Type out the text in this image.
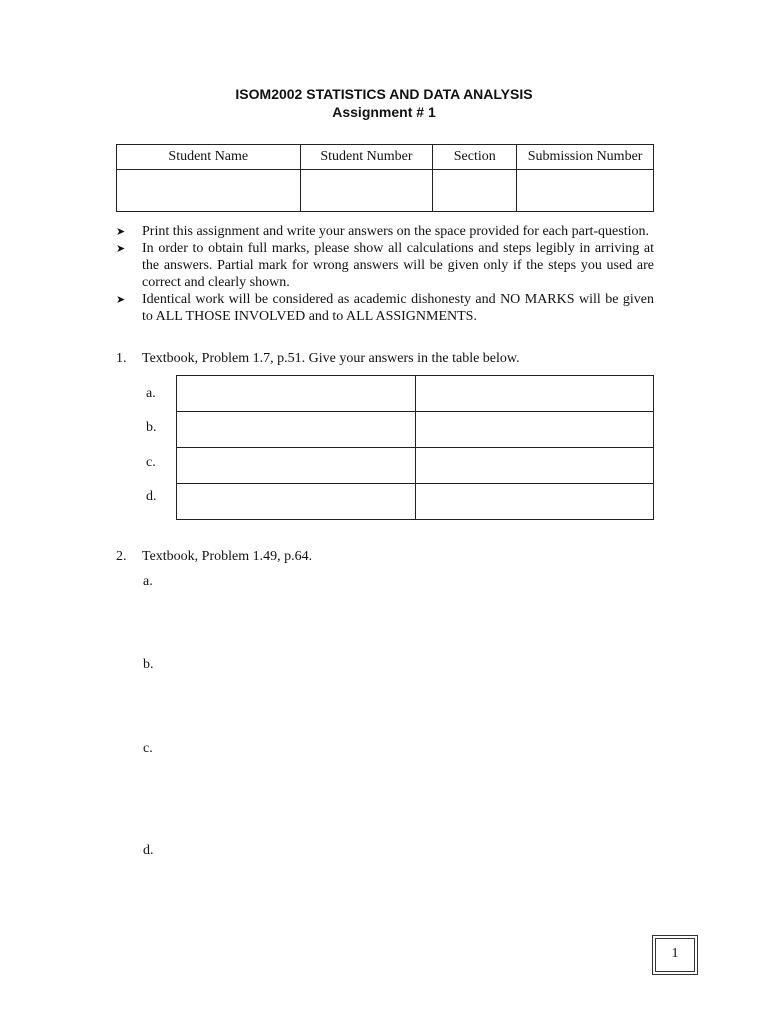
ISOM2002 STATISTICS AND DATA ANALYSIS
Assignment # 1
Student Name	Student Number	Section	Submission Number

➤ Print this assignment and write your answers on the space provided for each part-question.
➤ In order to obtain full marks, please show all calculations and steps legibly in arriving at the answers. Partial mark for wrong answers will be given only if the steps you used are correct and clearly shown.
➤ Identical work will be considered as academic dishonesty and NO MARKS will be given to ALL THOSE INVOLVED and to ALL ASSIGNMENTS.
1. Textbook, Problem 1.7, p.51. Give your answers in the table below.
a.
b.
c.
d.

2. Textbook, Problem 1.49, p.64.
a.
b.
c.
d.
1
